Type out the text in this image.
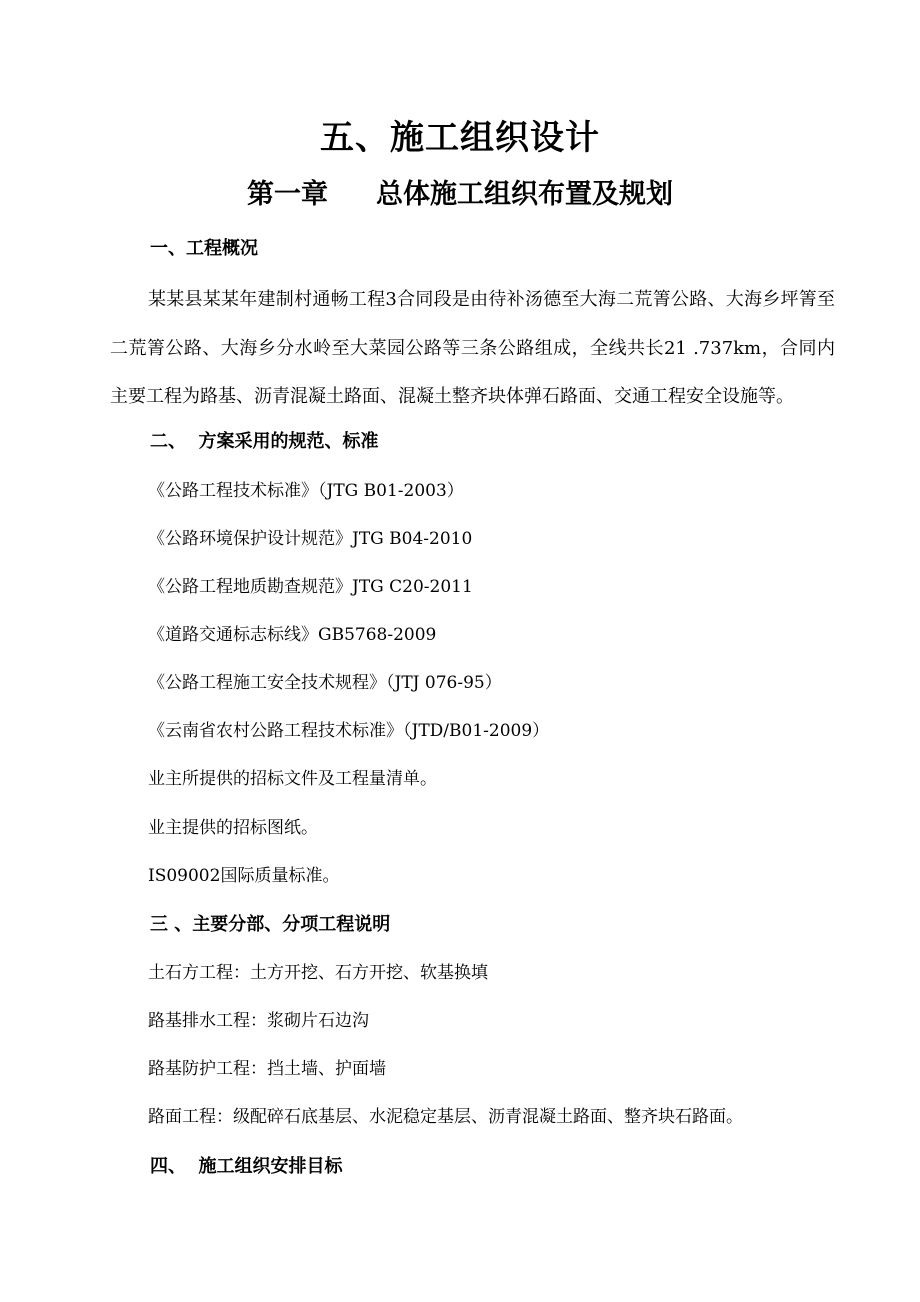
五、施工组织设计
第一章 总体施工组织布置及规划
一、工程概况
某某县某某年建制村通畅工程3合同段是由待补汤德至大海二荒箐公路、大海乡坪箐至二荒箐公路、大海乡分水岭至大菜园公路等三条公路组成，全线共长21 .737km，合同内主要工程为路基、沥青混凝土路面、混凝土整齐块体弹石路面、交通工程安全设施等。
二、  方案采用的规范、标准
《公路工程技术标准》（JTG B01-2003）
《公路环境保护设计规范》JTG B04-2010
《公路工程地质勘查规范》JTG C20-2011
《道路交通标志标线》GB5768-2009
《公路工程施工安全技术规程》（JTJ 076-95）
《云南省农村公路工程技术标准》（JTD/B01-2009）
业主所提供的招标文件及工程量清单。
业主提供的招标图纸。
IS09002国际质量标准。
三 、主要分部、分项工程说明
土石方工程：土方开挖、石方开挖、软基换填
路基排水工程：浆砌片石边沟
路基防护工程：挡土墙、护面墙
路面工程：级配碎石底基层、水泥稳定基层、沥青混凝土路面、整齐块石路面。
四、  施工组织安排目标
